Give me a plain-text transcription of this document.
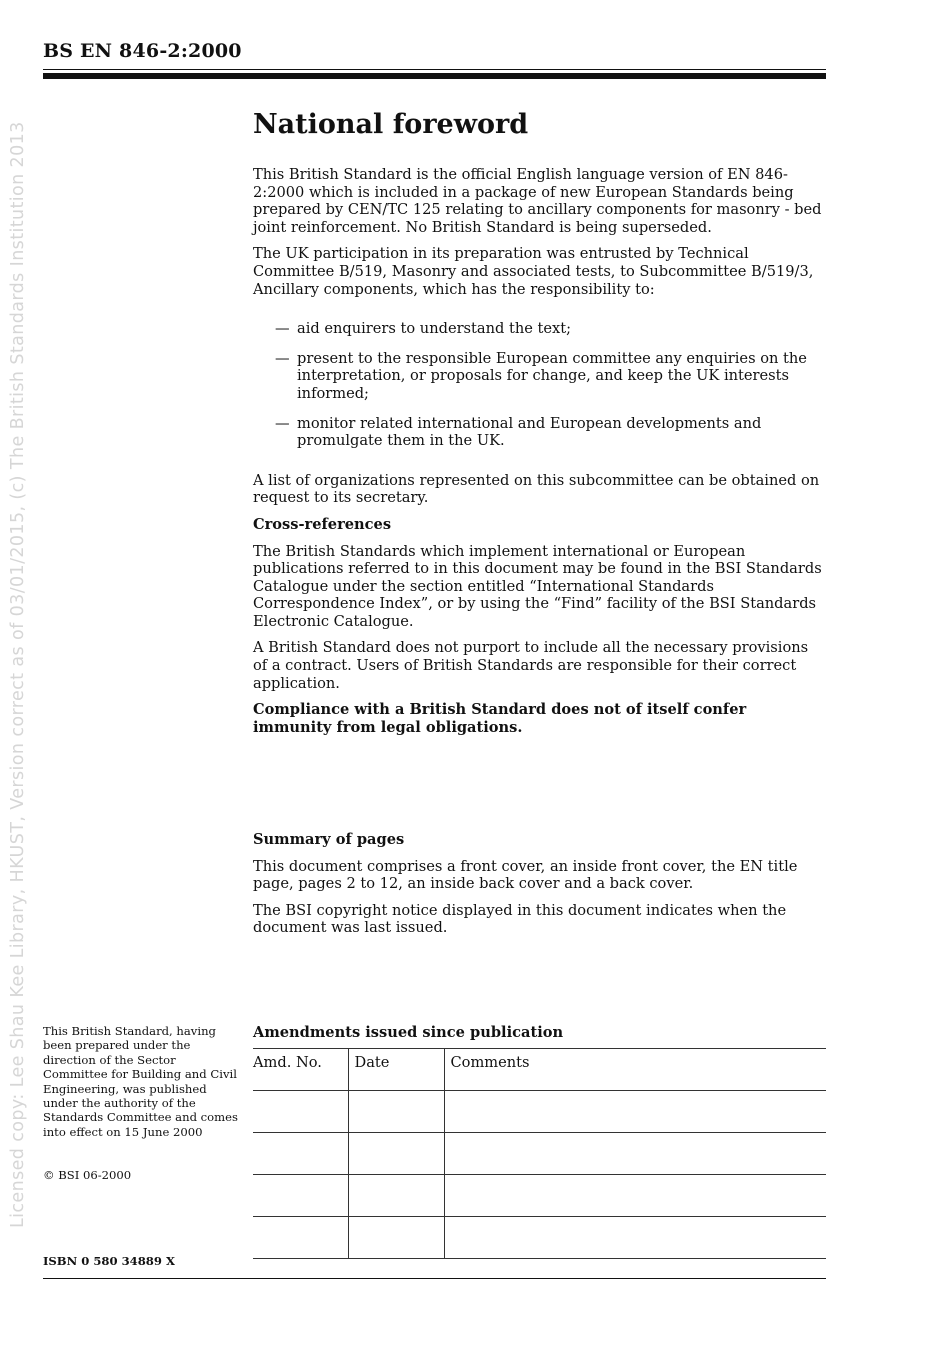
BS EN 846-2:2000
Licensed copy: Lee Shau Kee Library, HKUST, Version correct as of 03/01/2015, (c) The British Standards Institution 2013	National foreword

This British Standard is the official English language version of EN 846-2:2000 which is included in a package of new European Standards being prepared by CEN/TC 125 relating to ancillary components for masonry - bed joint reinforcement. No British Standard is being superseded.

The UK participation in its preparation was entrusted by Technical Committee B/519, Masonry and associated tests, to Subcommittee B/519/3, Ancillary components, which has the responsibility to:

— aid enquirers to understand the text;
— present to the responsible European committee any enquiries on the interpretation, or proposals for change, and keep the UK interests informed;
— monitor related international and European developments and promulgate them in the UK.

A list of organizations represented on this subcommittee can be obtained on request to its secretary.

Cross-references

The British Standards which implement international or European publications referred to in this document may be found in the BSI Standards Catalogue under the section entitled “International Standards Correspondence Index”, or by using the “Find” facility of the BSI Standards Electronic Catalogue.

A British Standard does not purport to include all the necessary provisions of a contract. Users of British Standards are responsible for their correct application.

Compliance with a British Standard does not of itself confer immunity from legal obligations.

Summary of pages

This document comprises a front cover, an inside front cover, the EN title page, pages 2 to 12, an inside back cover and a back cover.

The BSI copyright notice displayed in this document indicates when the document was last issued.

This British Standard, having been prepared under the direction of the Sector Committee for Building and Civil Engineering, was published under the authority of the Standards Committee and comes into effect on 15 June 2000
© BSI 06-2000
ISBN 0 580 34889 X
Amendments issued since publication
Amd. No.	Date	Comments
